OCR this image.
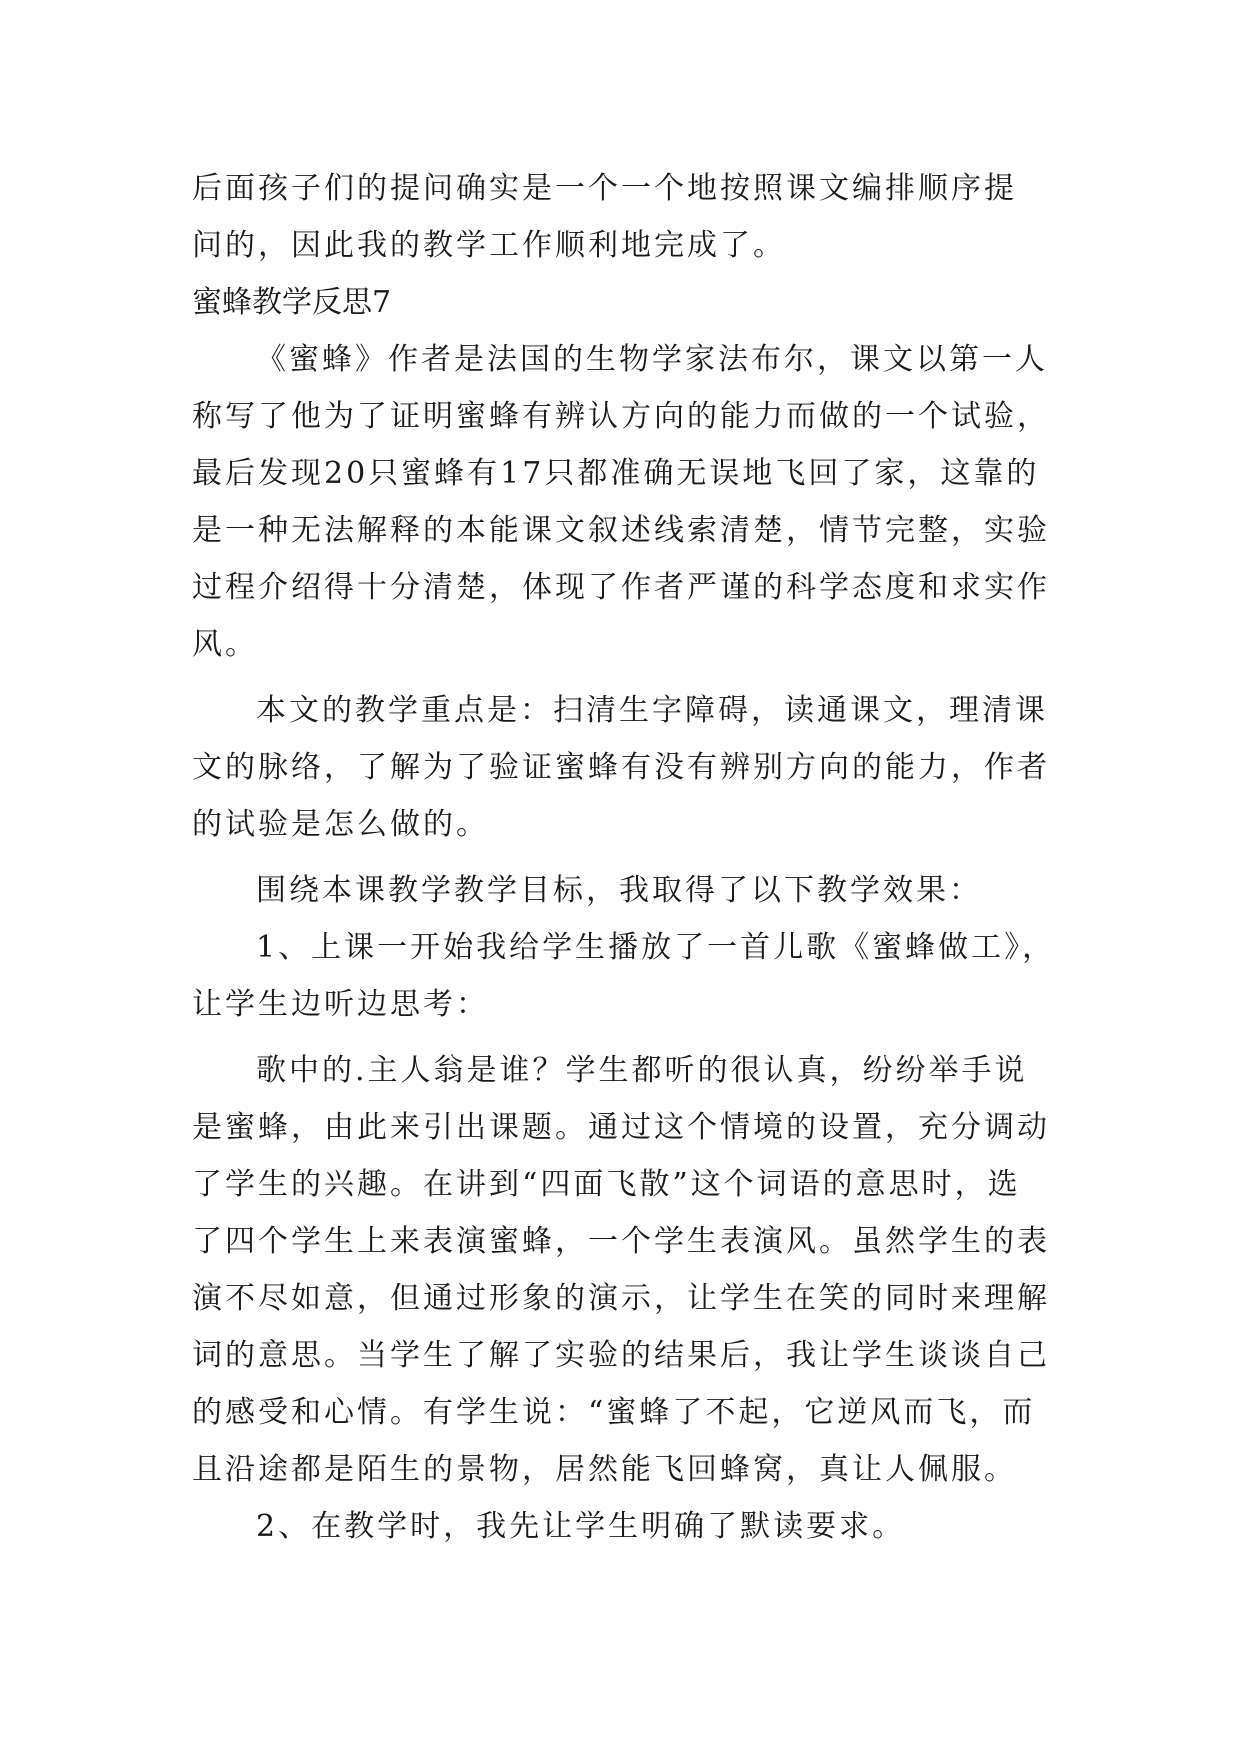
后面孩子们的提问确实是一个一个地按照课文编排顺序提
问的，因此我的教学工作顺利地完成了。
蜜蜂教学反思7
《蜜蜂》作者是法国的生物学家法布尔，课文以第一人
称写了他为了证明蜜蜂有辨认方向的能力而做的一个试验，
最后发现20只蜜蜂有17只都准确无误地飞回了家，这靠的
是一种无法解释的本能课文叙述线索清楚，情节完整，实验
过程介绍得十分清楚，体现了作者严谨的科学态度和求实作
风。
本文的教学重点是：扫清生字障碍，读通课文，理清课
文的脉络，了解为了验证蜜蜂有没有辨别方向的能力，作者
的试验是怎么做的。
围绕本课教学教学目标，我取得了以下教学效果：
1、上课一开始我给学生播放了一首儿歌《蜜蜂做工》，
让学生边听边思考：
歌中的.主人翁是谁？学生都听的很认真，纷纷举手说
是蜜蜂，由此来引出课题。通过这个情境的设置，充分调动
了学生的兴趣。在讲到“四面飞散”这个词语的意思时，选
了四个学生上来表演蜜蜂，一个学生表演风。虽然学生的表
演不尽如意，但通过形象的演示，让学生在笑的同时来理解
词的意思。当学生了解了实验的结果后，我让学生谈谈自己
的感受和心情。有学生说：“蜜蜂了不起，它逆风而飞，而
且沿途都是陌生的景物，居然能飞回蜂窝，真让人佩服。
2、在教学时，我先让学生明确了默读要求。
